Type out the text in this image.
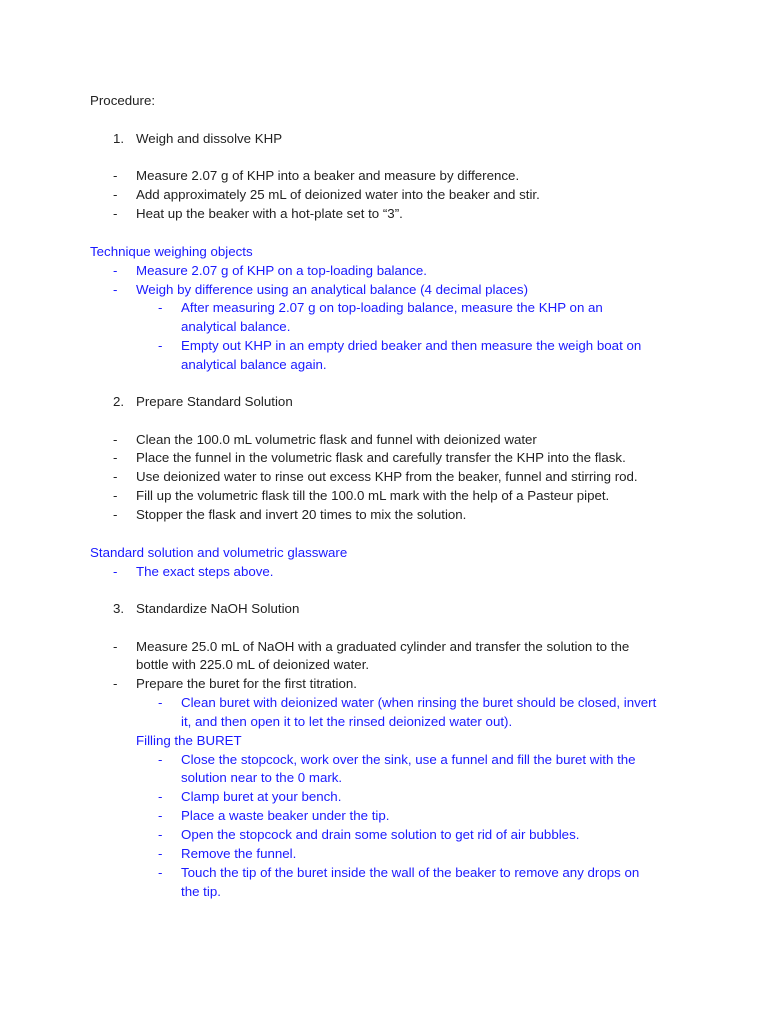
Procedure:
1. Weigh and dissolve KHP
- Measure 2.07 g of KHP into a beaker and measure by difference.
- Add approximately 25 mL of deionized water into the beaker and stir.
- Heat up the beaker with a hot-plate set to “3”.
Technique weighing objects
- Measure 2.07 g of KHP on a top-loading balance.
- Weigh by difference using an analytical balance (4 decimal places)
- After measuring 2.07 g on top-loading balance, measure the KHP on an
analytical balance.
- Empty out KHP in an empty dried beaker and then measure the weigh boat on
analytical balance again.
2. Prepare Standard Solution
- Clean the 100.0 mL volumetric flask and funnel with deionized water
- Place the funnel in the volumetric flask and carefully transfer the KHP into the flask.
- Use deionized water to rinse out excess KHP from the beaker, funnel and stirring rod.
- Fill up the volumetric flask till the 100.0 mL mark with the help of a Pasteur pipet.
- Stopper the flask and invert 20 times to mix the solution.
Standard solution and volumetric glassware
- The exact steps above.
3. Standardize NaOH Solution
- Measure 25.0 mL of NaOH with a graduated cylinder and transfer the solution to the
bottle with 225.0 mL of deionized water.
- Prepare the buret for the first titration.
- Clean buret with deionized water (when rinsing the buret should be closed, invert
it, and then open it to let the rinsed deionized water out).
Filling the BURET
- Close the stopcock, work over the sink, use a funnel and fill the buret with the
solution near to the 0 mark.
- Clamp buret at your bench.
- Place a waste beaker under the tip.
- Open the stopcock and drain some solution to get rid of air bubbles.
- Remove the funnel.
- Touch the tip of the buret inside the wall of the beaker to remove any drops on
the tip.
